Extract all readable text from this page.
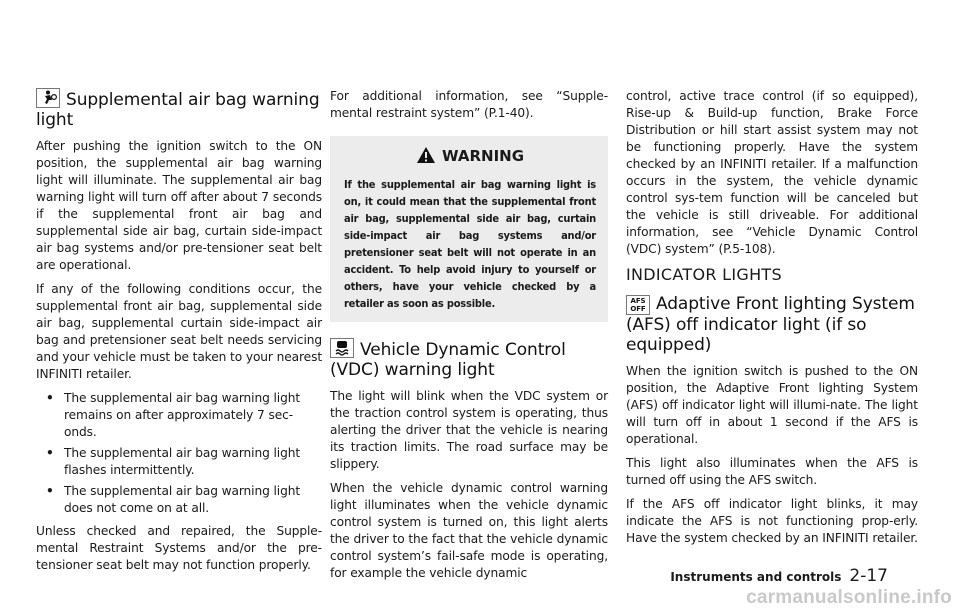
Supplemental air bag warning light

After pushing the ignition switch to the ON position, the supplemental air bag warning light will illuminate. The supplemental air bag warning light will turn off after about 7 seconds if the supplemental front air bag and supplemental side air bag, curtain side-impact air bag systems and/or pre-tensioner seat belt are operational.

If any of the following conditions occur, the supplemental front air bag, supplemental side air bag, supplemental curtain side-impact air bag and pretensioner seat belt needs servicing and your vehicle must be taken to your nearest INFINITI retailer.

• The supplemental air bag warning light remains on after approximately 7 sec-onds.
• The supplemental air bag warning light flashes intermittently.
• The supplemental air bag warning light does not come on at all.

Unless checked and repaired, the Supple-mental Restraint Systems and/or the pre-tensioner seat belt may not function properly.

For additional information, see “Supple-mental restraint system” (P.1-40).

WARNING
If the supplemental air bag warning light is on, it could mean that the supplemental front air bag, supplemental side air bag, curtain side-impact air bag systems and/or pretensioner seat belt will not operate in an accident. To help avoid injury to yourself or others, have your vehicle checked by a retailer as soon as possible.
Vehicle Dynamic Control (VDC) warning light

The light will blink when the VDC system or the traction control system is operating, thus alerting the driver that the vehicle is nearing its traction limits. The road surface may be slippery.

When the vehicle dynamic control warning light illuminates when the vehicle dynamic control system is turned on, this light alerts the driver to the fact that the vehicle dynamic control system’s fail-safe mode is operating, for example the vehicle dynamic

control, active trace control (if so equipped), Rise-up & Build-up function, Brake Force Distribution or hill start assist system may not be functioning properly. Have the system checked by an INFINITI retailer. If a malfunction occurs in the system, the vehicle dynamic control sys-tem function will be canceled but the vehicle is still driveable. For additional information, see “Vehicle Dynamic Control (VDC) system” (P.5-108).

INDICATOR LIGHTS
AFS
OFF Adaptive Front lighting System (AFS) off indicator light (if so equipped)

When the ignition switch is pushed to the ON position, the Adaptive Front lighting System (AFS) off indicator light will illumi-nate. The light will turn off in about 1 second if the AFS is operational.

This light also illuminates when the AFS is turned off using the AFS switch.

If the AFS off indicator light blinks, it may indicate the AFS is not functioning prop-erly. Have the system checked by an INFINITI retailer.

Instruments and controls 2-17
carmanualsonline.info
